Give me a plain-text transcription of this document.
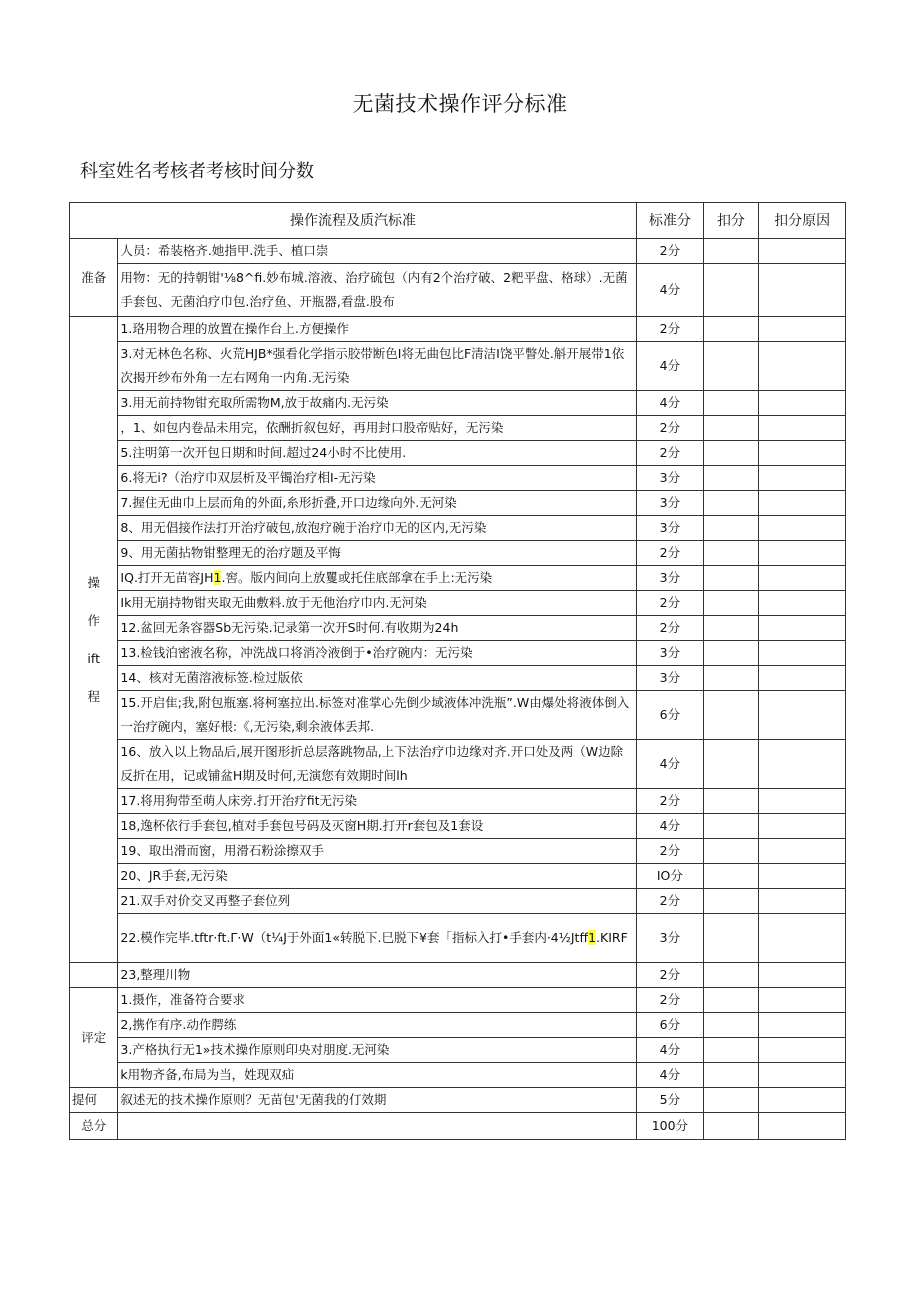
无菌技术操作评分标准
科室姓名考核者考核时间分数
操作流程及质汽标准		标准分	扣分	扣分原因
准备	人员：希装格齐.她指甲.洗手、植口崇	2分		
	用物：无的持朝钳'⅛8^fi.妙布城.溶液、治疗硫包（内有2个治疗破、2粑平盘、格球）.无菌手套包、无菌泊疗巾包.治疗鱼、开瓶器,看盘.股布	4分		

操
作
ift
程	1.珞用物合理的放置在操作台上.方便操作	2分		
	3.对无林色名称、火荒HJB*强看化学指示胶带断色I将无曲包比F清洁I饶平瞥处.斛开展带1依次揭开纱布外角一左右网角一内角.无污染	4分		
	3.用无前持物钳充取所需物M,放于故痛内.无污染	4分		
	，1、如包内卷品未用完，依酬折叙包好，再用封口股帝贴好，无污染	2分		
	5.注明第一次开包日期和时间.超过24小时不比使用.	2分		
	6.将无i?（治疗巾双层析及平镯治疗相I-无污染	3分		
	7.握住无曲巾上层而角的外面,糸形折叠,开口边缘向外.无河染	3分		
	8、用无倡接作法打开治疗破包,放泡疗碗于治疗巾无的区内,无污染	3分		
	9、用无菌拈物钳整理无的治疗题及平悔	2分		
	IQ.打开无苗容JH1.窖。版内间向上放矍或托住底部拿在手上:无污染	3分		
	Ik用无崩持物钳夹取无曲敷料.放于无他治疗巾内.无河染	2分		
	12.盆回无条容器Sb无污染.记录第一次开S时何.有收期为24h	2分		
	13.检钱泊密液名称，冲洗战口将消冷液倒于•治疗碗内：无污染	3分		
	14、核对无菌溶液标签.检过版依	3分		
	15.开启隹;我,附包瓶塞.将柯塞拉出.标签对准掌心先倒少域液体冲洗瓶”.W由爆处将液体倒入一治疗碗内，塞好根:《,无污染,剩余液体丢邦.	6分		
	16、放入以上物品后,展开图形折总层落跳物品,上下法治疗巾边缘对齐.开口处及两（W边除反折在用，记或铺盆H期及时何,无演您有效期时间lh	4分		
	17.将用狗带至萌人床旁.打开治疗fit无污染	2分		
	18,逸杯依行手套包,植对手套包号码及灭窗H期.打开r套包及1套设	4分		
	19、取出滑而窗，用滑石粉涂擦双手	2分		
	20、JR手套,无污染	IO分		
	21.双手对价交叉再整子套位列	2分		
	22.模作完毕.tftr·ft.Γ·W（t¼J于外面1«转脱下.巳脱下¥套「指标入打•手套内·4½Jtff1.KIRF	3分		
	23,整理川物	2分		
评定	1.摄作，准备符合要求	2分		
	2,携作有序.动作腭练	6分		
	3.产格执行无1»技术操作原则印央对朋度.无河染	4分		
	k用物齐备,布局为当，姓现双疝	4分		
提何	叙述无的技术操作原则？无苗包'无菌我的仃效期	5分		
总分		100分		
